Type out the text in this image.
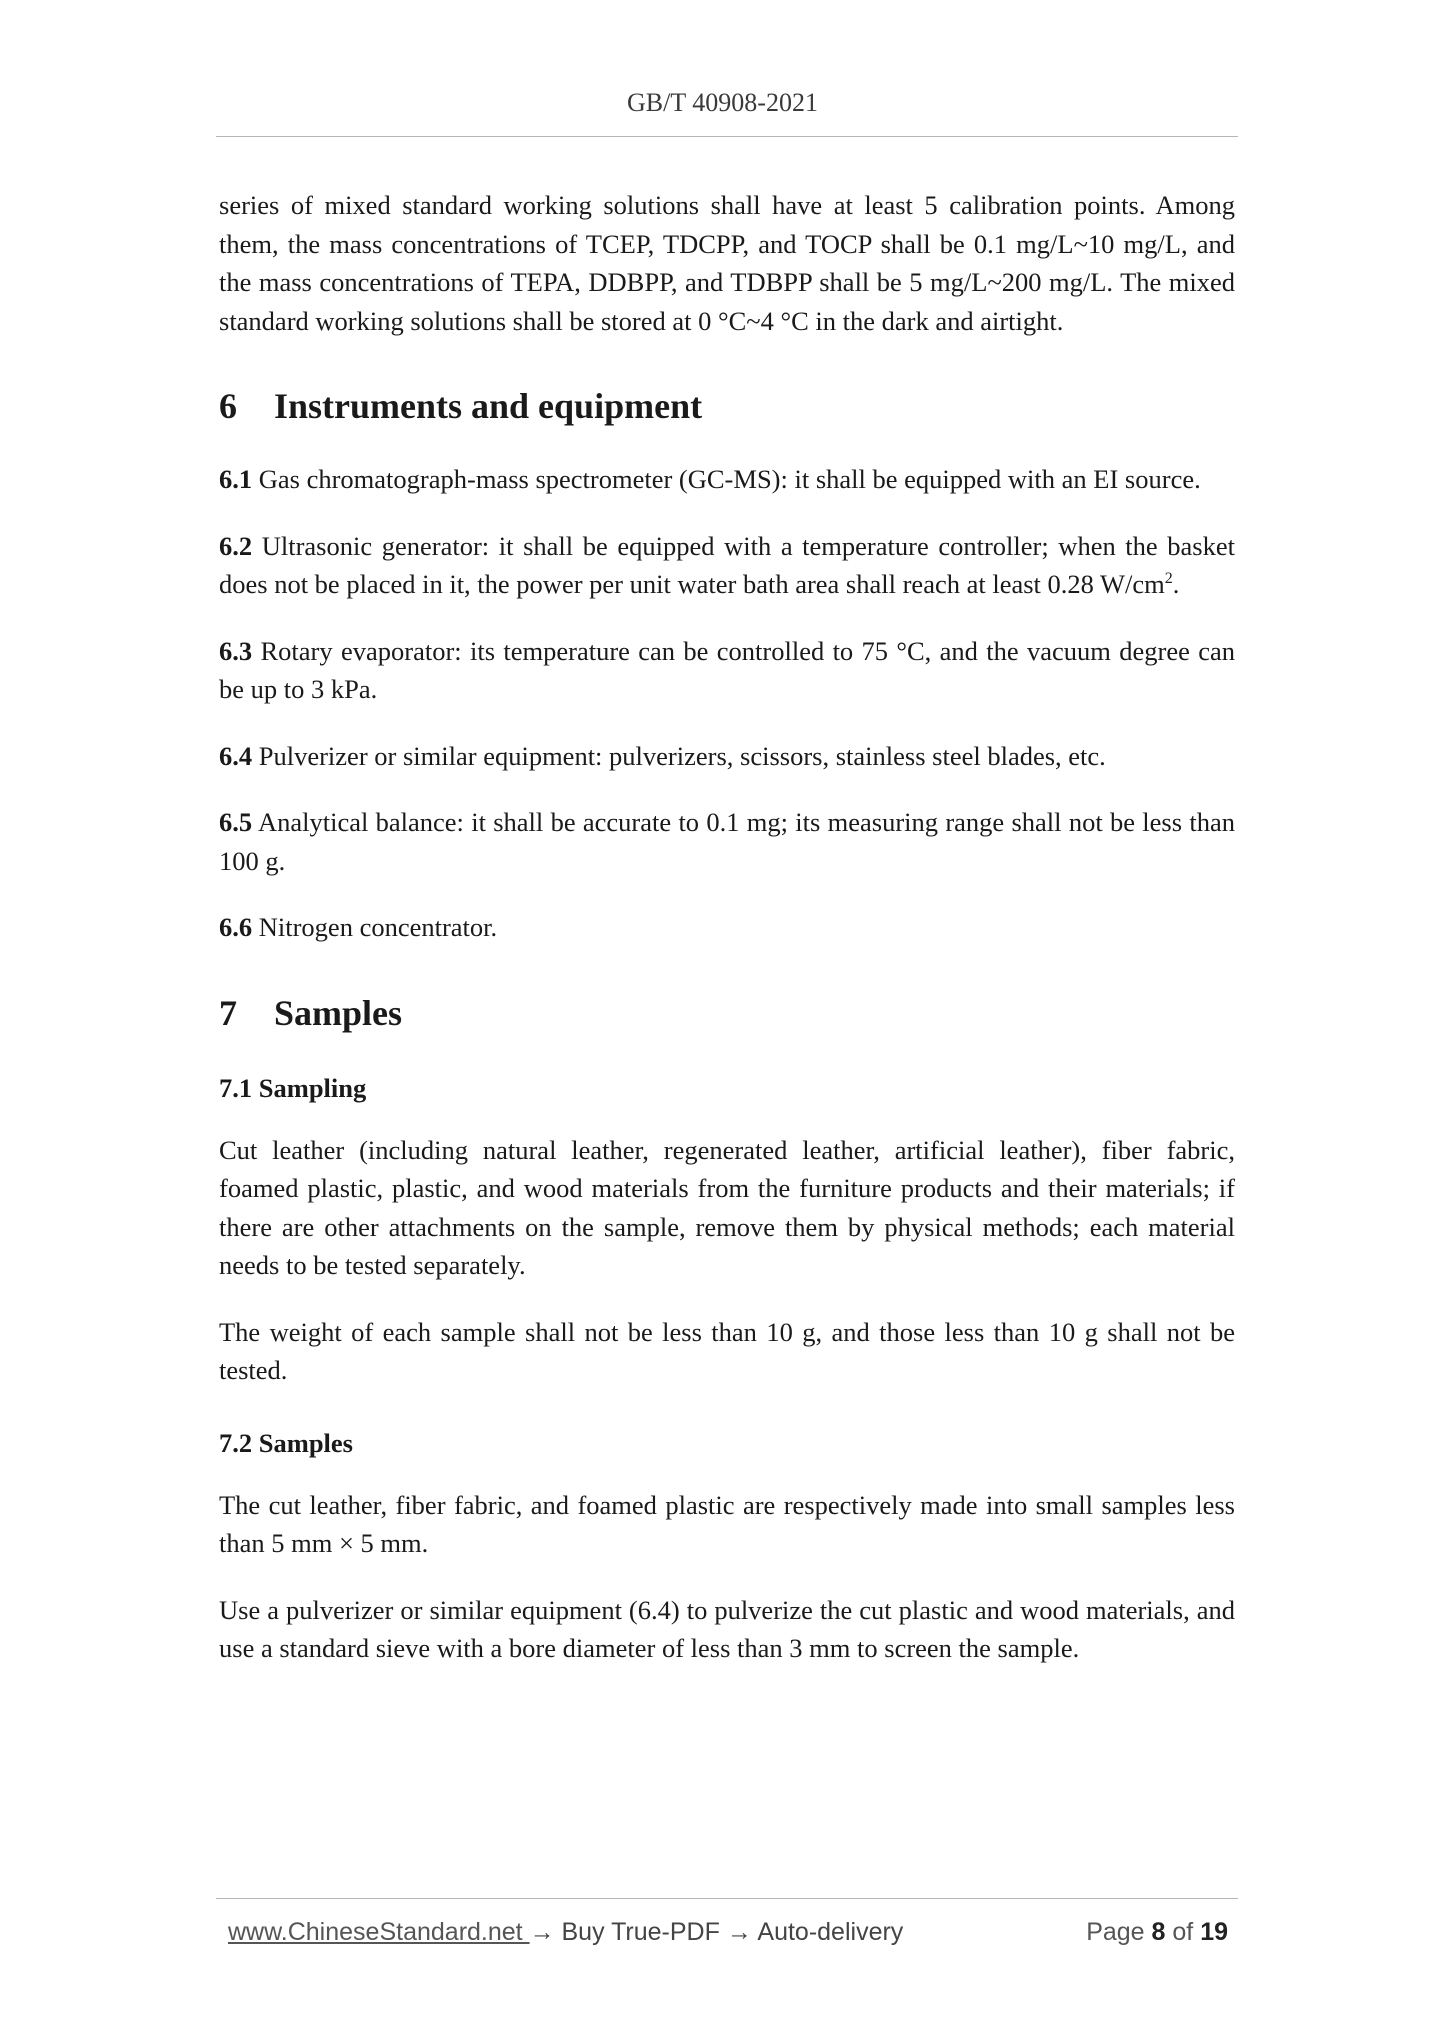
GB/T 40908-2021

series of mixed standard working solutions shall have at least 5 calibration points. Among them, the mass concentrations of TCEP, TDCPP, and TOCP shall be 0.1 mg/L~10 mg/L, and the mass concentrations of TEPA, DDBPP, and TDBPP shall be 5 mg/L~200 mg/L. The mixed standard working solutions shall be stored at 0 °C~4 °C in the dark and airtight.

6 Instruments and equipment

6.1 Gas chromatograph-mass spectrometer (GC-MS): it shall be equipped with an EI source.

6.2 Ultrasonic generator: it shall be equipped with a temperature controller; when the basket does not be placed in it, the power per unit water bath area shall reach at least 0.28 $W/cm^2$.

6.3 Rotary evaporator: its temperature can be controlled to 75 °C, and the vacuum degree can be up to 3 kPa.

6.4 Pulverizer or similar equipment: pulverizers, scissors, stainless steel blades, etc.

6.5 Analytical balance: it shall be accurate to 0.1 mg; its measuring range shall not be less than 100 g.

6.6 Nitrogen concentrator.

7 Samples
7.1 Sampling

Cut leather (including natural leather, regenerated leather, artificial leather), fiber fabric, foamed plastic, plastic, and wood materials from the furniture products and their materials; if there are other attachments on the sample, remove them by physical methods; each material needs to be tested separately.

The weight of each sample shall not be less than 10 g, and those less than 10 g shall not be tested.

7.2 Samples

The cut leather, fiber fabric, and foamed plastic are respectively made into small samples less than 5 mm × 5 mm.

Use a pulverizer or similar equipment (6.4) to pulverize the cut plastic and wood materials, and use a standard sieve with a bore diameter of less than 3 mm to screen the sample.

www.ChineseStandard.net → Buy True-PDF → Auto-delivery	Page 8 of 19
